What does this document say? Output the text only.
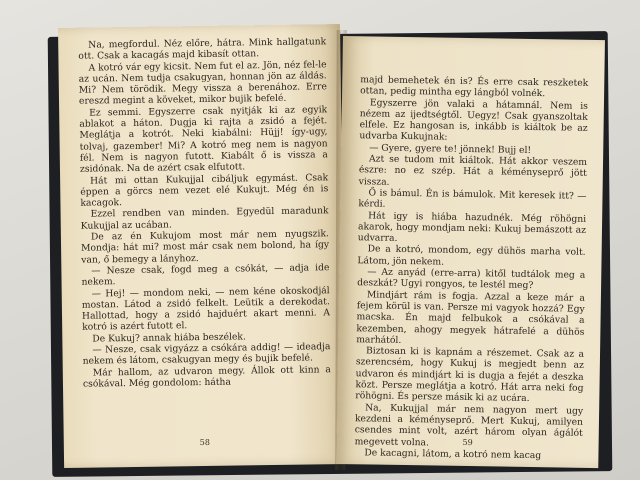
Na, megfordul. Néz előre, hátra. Mink hallgatunk ott. Csak a kacagás majd kibasít ottan.

A kotró vár egy kicsit. Nem fut el az. Jön, néz fel-le az ucán. Nem tudja csakugyan, honnan jön az áldás. Mi? Nem törödik. Megy vissza a berenához. Erre ereszd megint a köveket, mikor bujik befelé.

Ez semmi. Egyszerre csak nyitják ki az egyik ablakot a háton. Dugja ki rajta a zsidó a fejét. Meglátja a kotrót. Neki kiabálni: Hüjj! így-ugy, tolvaj, gazember! Mi? A kotró meg nem is nagyon fél. Nem is nagyon futott. Kiabált ő is vissza a zsidónak. Na de azért csak elfutott.

Hát mi ottan Kukujjal cibáljuk egymást. Csak éppen a görcs nem vezet elé Kukujt. Még én is kacagok.

Ezzel rendben van minden. Egyedül maradunk Kukujjal az ucában.

De az én Kukujom most már nem nyugszik. Mondja: hát mi? most már csak nem bolond, ha így van, ő bemegy a lányhoz.

— Nesze csak, fogd meg a csókát, — adja ide nekem.

— Hej! — mondom neki, — nem kéne okoskodjál mostan. Látod a zsidó felkelt. Leütik a derekodat. Hallottad, hogy a zsidó hajduért akart menni. A kotró is azért futott el.

De Kukuj? annak hiába beszélek.

— Nesze, csak vigyázz a csókára addig! — ideadja nekem és látom, csakugyan megy és bujik befelé.

Már hallom, az udvaron megy. Állok ott kinn a csókával. Még gondolom: hátha

58

majd bemehetek én is? És erre csak reszketek ottan, pedig mintha egy lángból volnék.

Egyszerre jön valaki a hátamnál. Nem is nézem az ijedtségtől. Uegyz! Csak gyanszoltak elfele. Ez hangosan is, inkább is kiáltok be az udvarba Kukujnak:

— Gyere, gyere te! jönnek! Bujj el!

Azt se tudom mit kiáltok. Hát akkor veszem észre: no ez szép. Hát a kéményseprő jött vissza.

Ő is bámul. Én is bámulok. Mit keresek itt? — kérdi.

Hát igy is hiába hazudnék. Még röhögni akarok, hogy mondjam neki: Kukuj bemászott az udvarra.

De a kotró, mondom, egy dühös marha volt. Látom, jön nekem.

— Az anyád (erre-arra) kitől tudtálok meg a deszkát? Ugyi rongyos, te lestél meg?

Mindjárt rám is fogja. Azzal a keze már a fejem körül is van. Persze mi vagyok hozzá? Egy macska. Én majd felbukok a csókával a kezemben, ahogy megyek hátrafelé a dühös marhától.

Biztosan ki is kapnám a részemet. Csak az a szerencsém, hogy Kukuj is megjedt benn az udvaron és mindjárt ki is dugja a fejét a deszka közt. Persze meglátja a kotró. Hát arra neki fog röhögni. És persze másik ki az ucára.

Na, Kukujjal már nem nagyon mert ugy kezdeni a kéményseprő. Mert Kukuj, amilyen csendes mint volt, azért három olyan ágálót megevett volna.

De kacagni, látom, a kotró nem kacag

59
